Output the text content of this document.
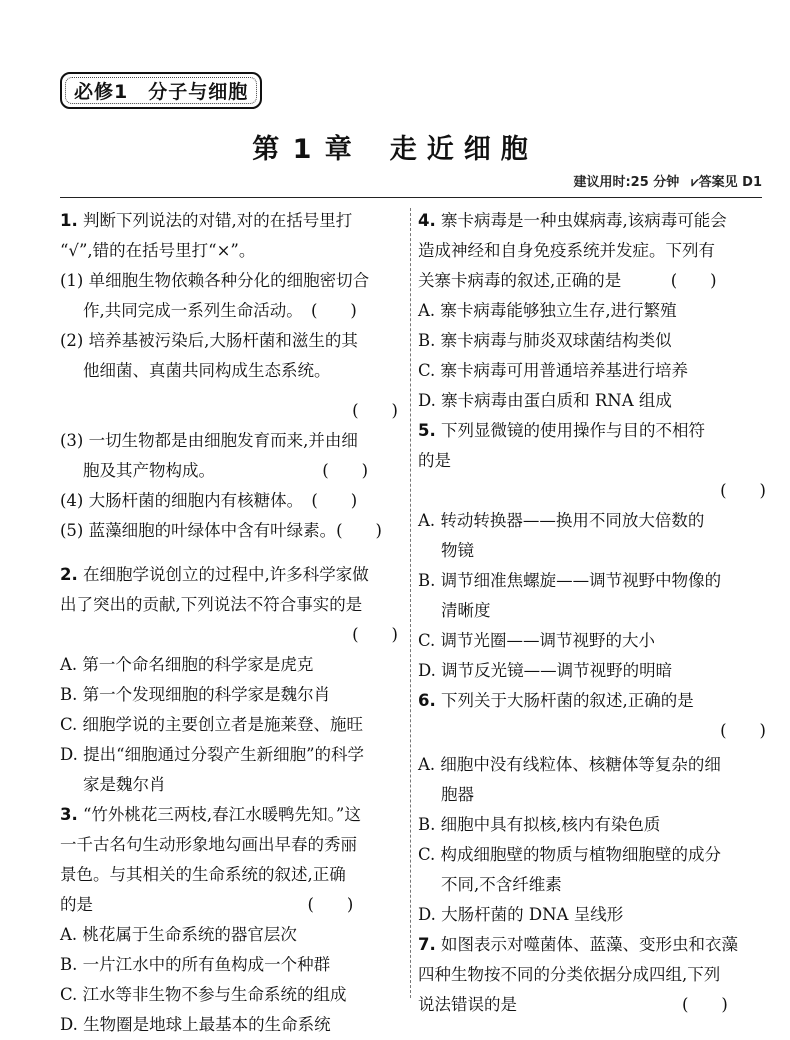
必修1　分子与细胞
第 1 章 走近细胞
建议用时:25 分钟 ⩗答案见 D1
1. 判断下列说法的对错,对的在括号里打
“√”,错的在括号里打“×”。
(1) 单细胞生物依赖各种分化的细胞密切合
作,共同完成一系列生命活动。　(　　)
(2) 培养基被污染后,大肠杆菌和滋生的其
他细菌、真菌共同构成生态系统。
(　　)
(3) 一切生物都是由细胞发育而来,并由细
胞及其产物构成。　　　　　　　(　　)
(4) 大肠杆菌的细胞内有核糖体。　(　　)
(5) 蓝藻细胞的叶绿体中含有叶绿素。(　　)
2. 在细胞学说创立的过程中,许多科学家做
出了突出的贡献,下列说法不符合事实的是
(　　)
A. 第一个命名细胞的科学家是虎克
B. 第一个发现细胞的科学家是魏尔肖
C. 细胞学说的主要创立者是施莱登、施旺
D. 提出“细胞通过分裂产生新细胞”的科学
家是魏尔肖
3. “竹外桃花三两枝,春江水暖鸭先知。”这
一千古名句生动形象地勾画出早春的秀丽
景色。与其相关的生命系统的叙述,正确
的是　　　　　　　　　　　　　(　　)
A. 桃花属于生命系统的器官层次
B. 一片江水中的所有鱼构成一个种群
C. 江水等非生物不参与生命系统的组成
D. 生物圈是地球上最基本的生命系统
4. 寨卡病毒是一种虫媒病毒,该病毒可能会
造成神经和自身免疫系统并发症。下列有
关寨卡病毒的叙述,正确的是　　　(　　)
A. 寨卡病毒能够独立生存,进行繁殖
B. 寨卡病毒与肺炎双球菌结构类似
C. 寨卡病毒可用普通培养基进行培养
D. 寨卡病毒由蛋白质和 RNA 组成
5. 下列显微镜的使用操作与目的不相符
的是
(　　)
A. 转动转换器——换用不同放大倍数的
物镜
B. 调节细准焦螺旋——调节视野中物像的
清晰度
C. 调节光圈——调节视野的大小
D. 调节反光镜——调节视野的明暗
6. 下列关于大肠杆菌的叙述,正确的是
(　　)
A. 细胞中没有线粒体、核糖体等复杂的细
胞器
B. 细胞中具有拟核,核内有染色质
C. 构成细胞壁的物质与植物细胞壁的成分
不同,不含纤维素
D. 大肠杆菌的 DNA 呈线形
7. 如图表示对噬菌体、蓝藻、变形虫和衣藻
四种生物按不同的分类依据分成四组,下列
说法错误的是　　　　　　　　　　(　　)
